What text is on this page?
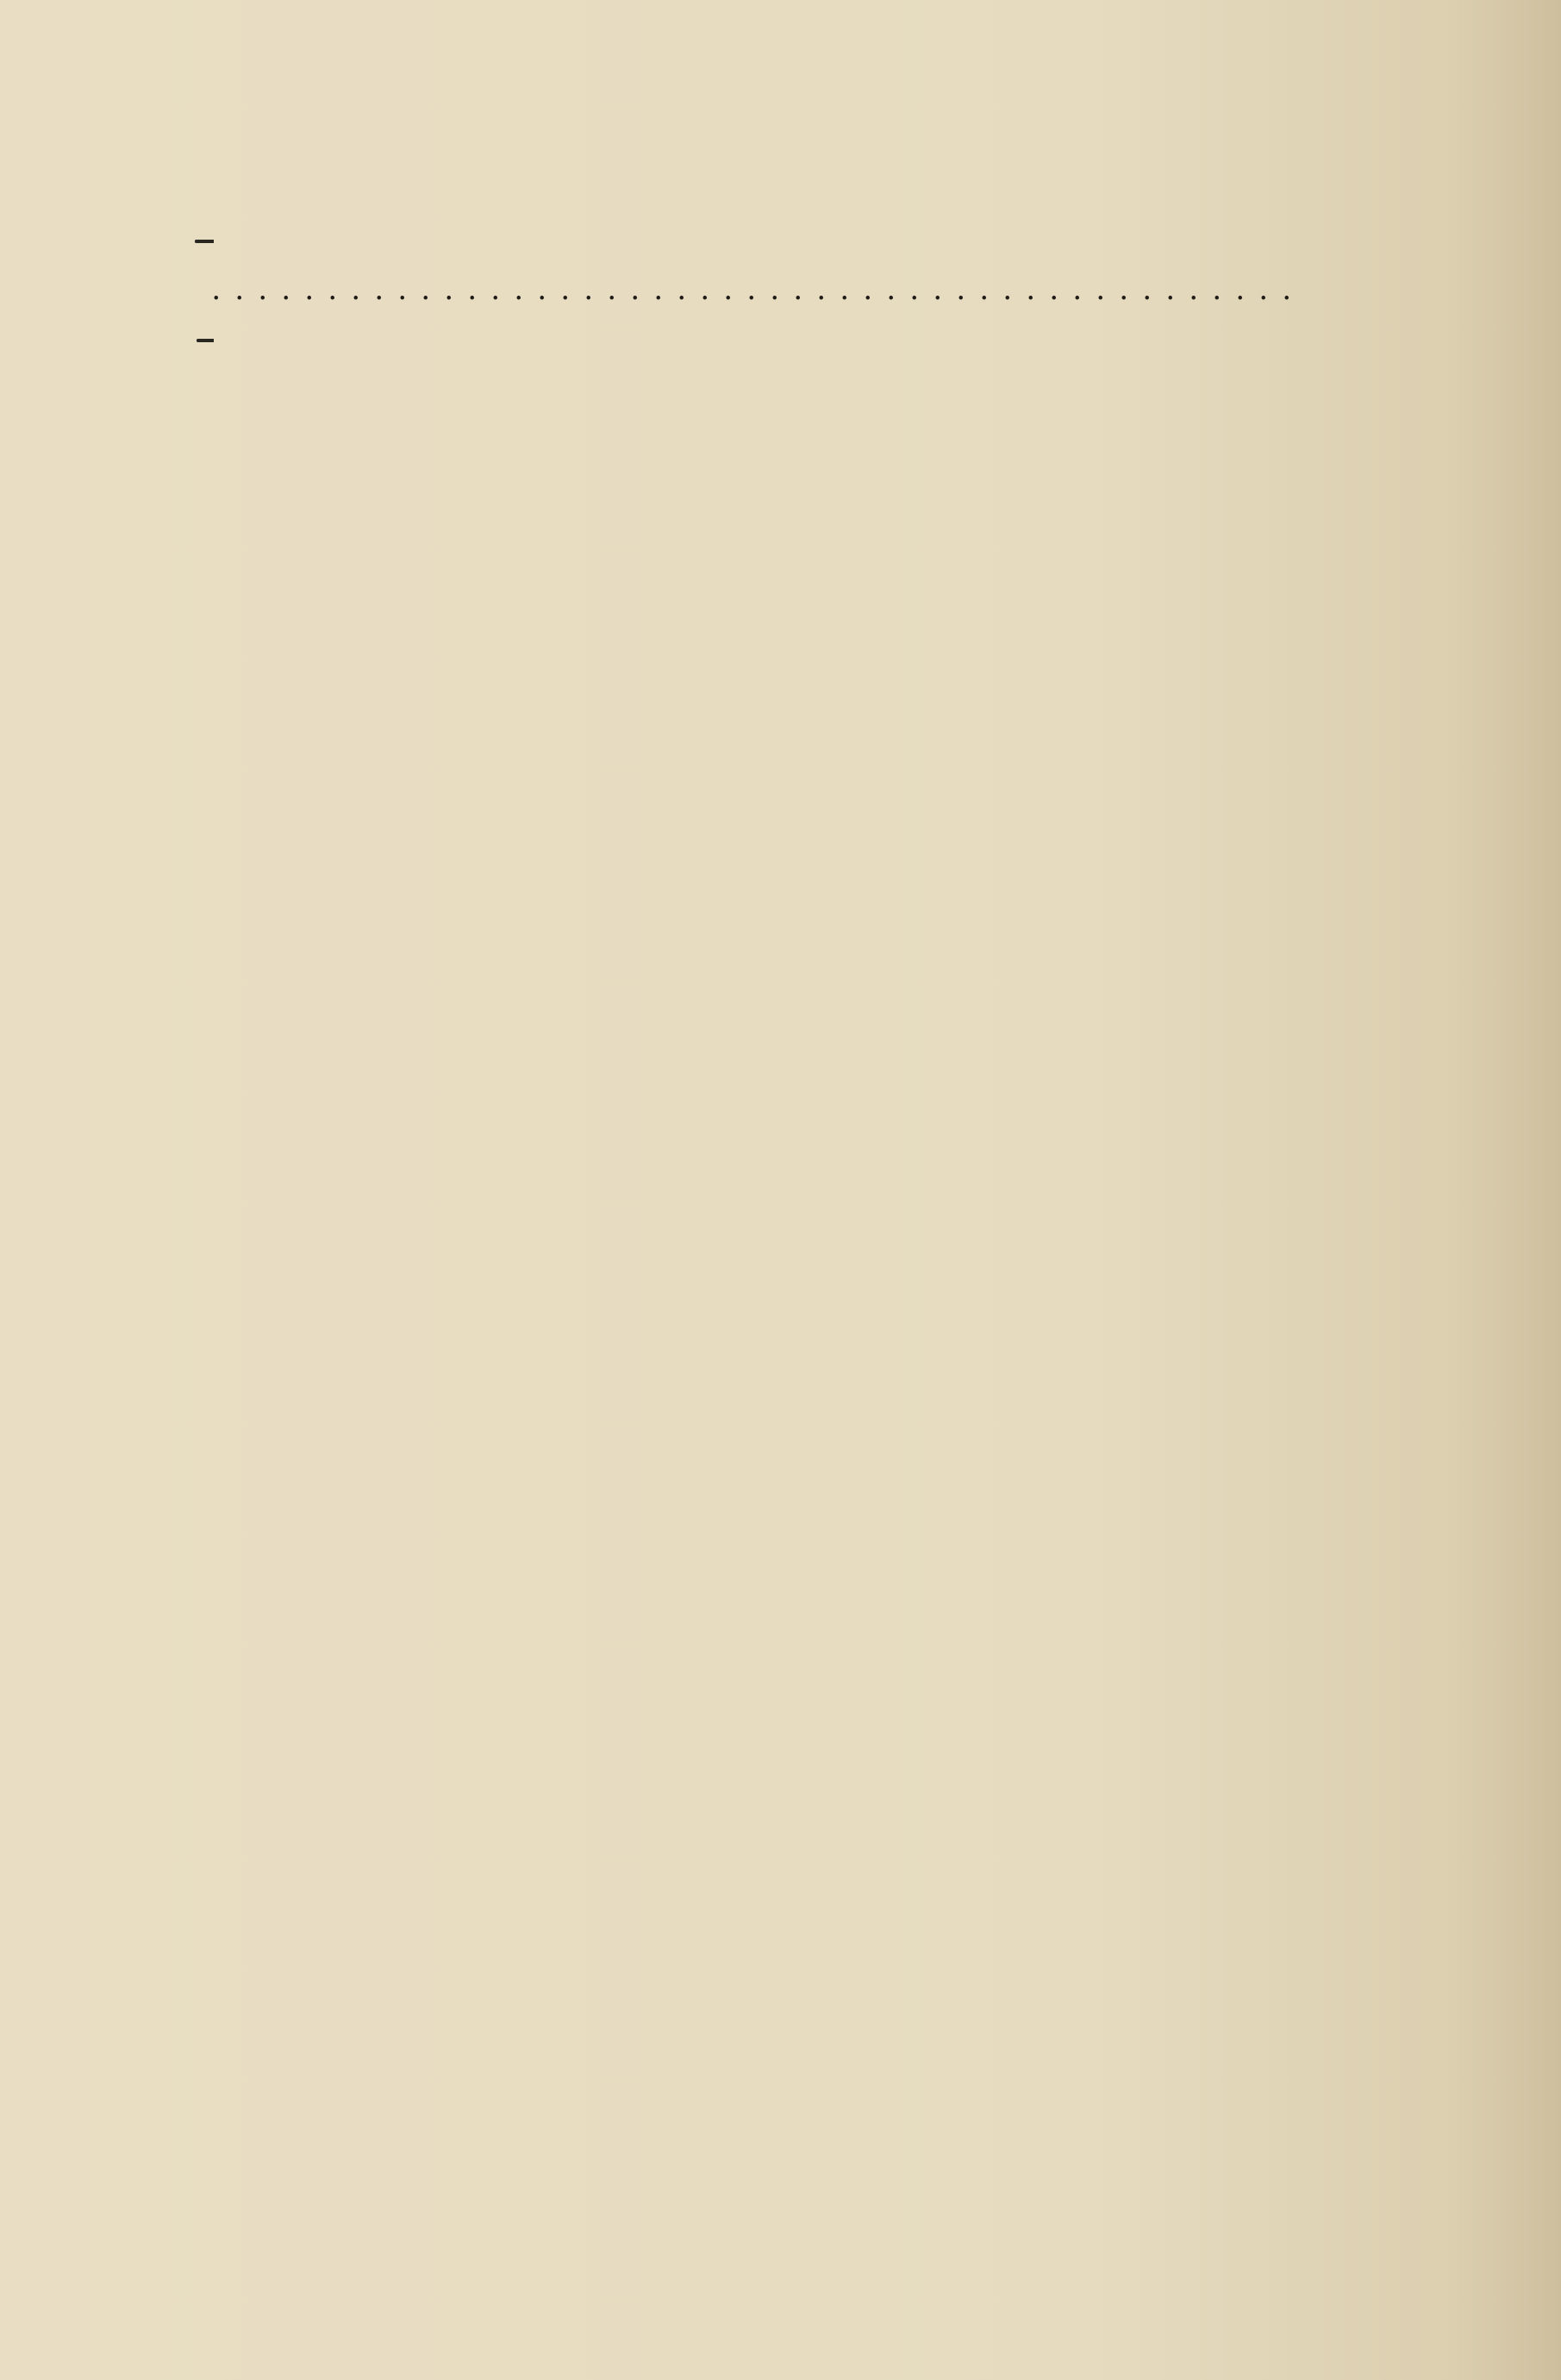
. . . . . . . . . . . . . . . . . . . . . . . . . . . . . . . . . . . . . . . . . . . . . . .
